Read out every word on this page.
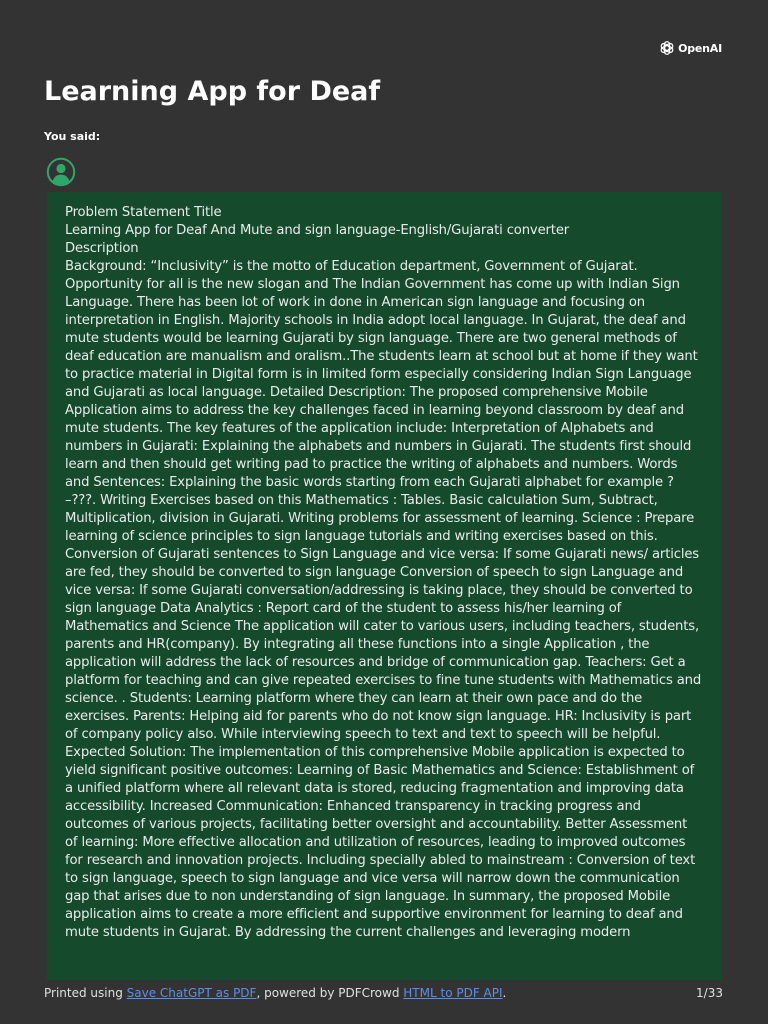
OpenAI
Learning App for Deaf
You said:
Problem Statement Title
Learning App for Deaf And Mute and sign language-English/Gujarati converter
Description
Background: “Inclusivity” is the motto of Education department, Government of Gujarat.
Opportunity for all is the new slogan and The Indian Government has come up with Indian Sign
Language. There has been lot of work in done in American sign language and focusing on
interpretation in English. Majority schools in India adopt local language. In Gujarat, the deaf and
mute students would be learning Gujarati by sign language. There are two general methods of
deaf education are manualism and oralism..The students learn at school but at home if they want
to practice material in Digital form is in limited form especially considering Indian Sign Language
and Gujarati as local language. Detailed Description: The proposed comprehensive Mobile
Application aims to address the key challenges faced in learning beyond classroom by deaf and
mute students. The key features of the application include: Interpretation of Alphabets and
numbers in Gujarati: Explaining the alphabets and numbers in Gujarati. The students first should
learn and then should get writing pad to practice the writing of alphabets and numbers. Words
and Sentences: Explaining the basic words starting from each Gujarati alphabet for example ?
–???. Writing Exercises based on this Mathematics : Tables. Basic calculation Sum, Subtract,
Multiplication, division in Gujarati. Writing problems for assessment of learning. Science : Prepare
learning of science principles to sign language tutorials and writing exercises based on this.
Conversion of Gujarati sentences to Sign Language and vice versa: If some Gujarati news/ articles
are fed, they should be converted to sign language Conversion of speech to sign Language and
vice versa: If some Gujarati conversation/addressing is taking place, they should be converted to
sign language Data Analytics : Report card of the student to assess his/her learning of
Mathematics and Science The application will cater to various users, including teachers, students,
parents and HR(company). By integrating all these functions into a single Application , the
application will address the lack of resources and bridge of communication gap. Teachers: Get a
platform for teaching and can give repeated exercises to fine tune students with Mathematics and
science. . Students: Learning platform where they can learn at their own pace and do the
exercises. Parents: Helping aid for parents who do not know sign language. HR: Inclusivity is part
of company policy also. While interviewing speech to text and text to speech will be helpful.
Expected Solution: The implementation of this comprehensive Mobile application is expected to
yield significant positive outcomes: Learning of Basic Mathematics and Science: Establishment of
a unified platform where all relevant data is stored, reducing fragmentation and improving data
accessibility. Increased Communication: Enhanced transparency in tracking progress and
outcomes of various projects, facilitating better oversight and accountability. Better Assessment
of learning: More effective allocation and utilization of resources, leading to improved outcomes
for research and innovation projects. Including specially abled to mainstream : Conversion of text
to sign language, speech to sign language and vice versa will narrow down the communication
gap that arises due to non understanding of sign language. In summary, the proposed Mobile
application aims to create a more efficient and supportive environment for learning to deaf and
mute students in Gujarat. By addressing the current challenges and leveraging modern
Printed using Save ChatGPT as PDF, powered by PDFCrowd HTML to PDF API.	1/33
